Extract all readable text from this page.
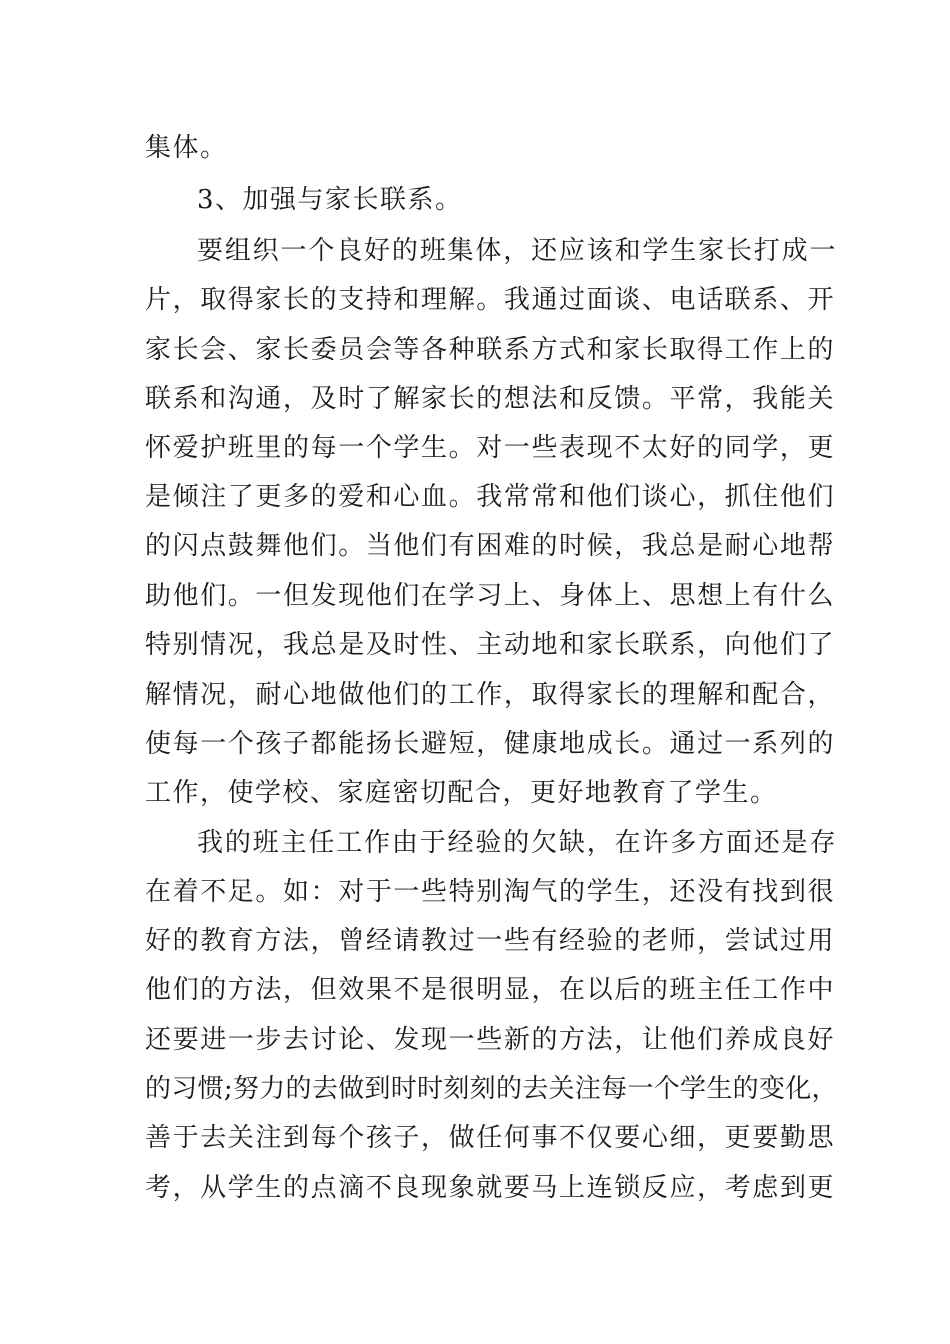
集体。
3、加强与家长联系。
要组织一个良好的班集体，还应该和学生家长打成一
片，取得家长的支持和理解。我通过面谈、电话联系、开
家长会、家长委员会等各种联系方式和家长取得工作上的
联系和沟通，及时了解家长的想法和反馈。平常，我能关
怀爱护班里的每一个学生。对一些表现不太好的同学，更
是倾注了更多的爱和心血。我常常和他们谈心，抓住他们
的闪点鼓舞他们。当他们有困难的时候，我总是耐心地帮
助他们。一但发现他们在学习上、身体上、思想上有什么
特别情况，我总是及时性、主动地和家长联系，向他们了
解情况，耐心地做他们的工作，取得家长的理解和配合，
使每一个孩子都能扬长避短，健康地成长。通过一系列的
工作，使学校、家庭密切配合，更好地教育了学生。
我的班主任工作由于经验的欠缺，在许多方面还是存
在着不足。如：对于一些特别淘气的学生，还没有找到很
好的教育方法，曾经请教过一些有经验的老师，尝试过用
他们的方法，但效果不是很明显，在以后的班主任工作中
还要进一步去讨论、发现一些新的方法，让他们养成良好
的习惯;努力的去做到时时刻刻的去关注每一个学生的变化，
善于去关注到每个孩子，做任何事不仅要心细，更要勤思
考，从学生的点滴不良现象就要马上连锁反应，考虑到更
